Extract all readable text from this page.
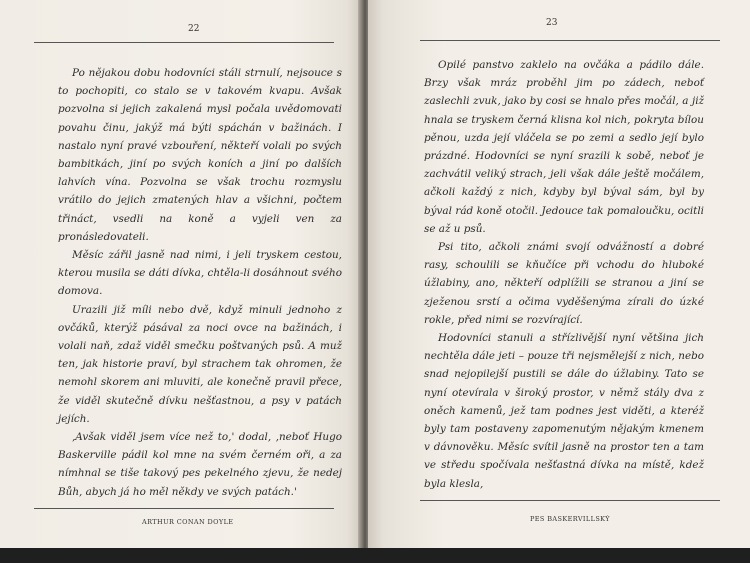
22

Po nějakou dobu hodovníci stáli strnulí, nejsouce s to pochopiti, co stalo se v takovém kvapu. Avšak pozvolna si jejich zakalená mysl počala uvědomovati povahu činu, jakýž má býti spáchán v bažinách. I nastalo nyní pravé vzbouření, někteří volali po svých bambitkách, jiní po svých koních a jiní po dalších lahvích vína. Pozvolna se však trochu rozmyslu vrátilo do jejich zmatených hlav a všichni, počtem třináct, vsedli na koně a vyjeli ven za pronásledovateli.

Měsíc zářil jasně nad nimi, i jeli tryskem cestou, kterou musila se dáti dívka, chtěla-li dosáhnout svého domova.

Urazili již míli nebo dvě, když minuli jednoho z ovčáků, kterýž pásával za noci ovce na bažinách, i volali naň, zdaž viděl smečku poštvaných psů. A muž ten, jak historie praví, byl strachem tak ohromen, že nemohl skorem ani mluviti, ale konečně pravil přece, že viděl skutečně dívku nešťastnou, a psy v patách jejích.

‚Avšak viděl jsem více než to,' dodal, ‚neboť Hugo Baskerville pádil kol mne na svém černém oři, a za nímhnal se tiše takový pes pekelného zjevu, že nedej Bůh, abych já ho měl někdy ve svých patách.'

ARTHUR CONAN DOYLE
23

Opilé panstvo zaklelo na ovčáka a pádilo dále. Brzy však mráz proběhl jim po zádech, neboť zaslechli zvuk, jako by cosi se hnalo přes močál, a již hnala se tryskem černá klisna kol nich, pokryta bílou pěnou, uzda její vláčela se po zemi a sedlo její bylo prázdné. Hodovníci se nyní srazili k sobě, neboť je zachvátil veliký strach, jeli však dále ještě močálem, ačkoli každý z nich, kdyby byl býval sám, byl by býval rád koně otočil. Jedouce tak pomaloučku, ocitli se až u psů.

Psi tito, ačkoli známi svojí odvážností a dobré rasy, schoulili se kňučíce při vchodu do hluboké úžlabiny, ano, někteří odplížili se stranou a jiní se zježenou srstí a očima vyděšenýma zírali do úzké rokle, před nimi se rozvírající.

Hodovníci stanuli a střízlivější nyní většina jich nechtěla dále jeti – pouze tři nejsmělejší z nich, nebo snad nejopilejší pustili se dále do úžlabiny. Tato se nyní otevírala v široký prostor, v němž stály dva z oněch kamenů, jež tam podnes jest viděti, a kteréž byly tam postaveny zapomenutým nějakým kmenem v dávnověku. Měsíc svítil jasně na prostor ten a tam ve středu spočívala nešťastná dívka na místě, kdež byla klesla,

PES BASKERVILLSKÝ
